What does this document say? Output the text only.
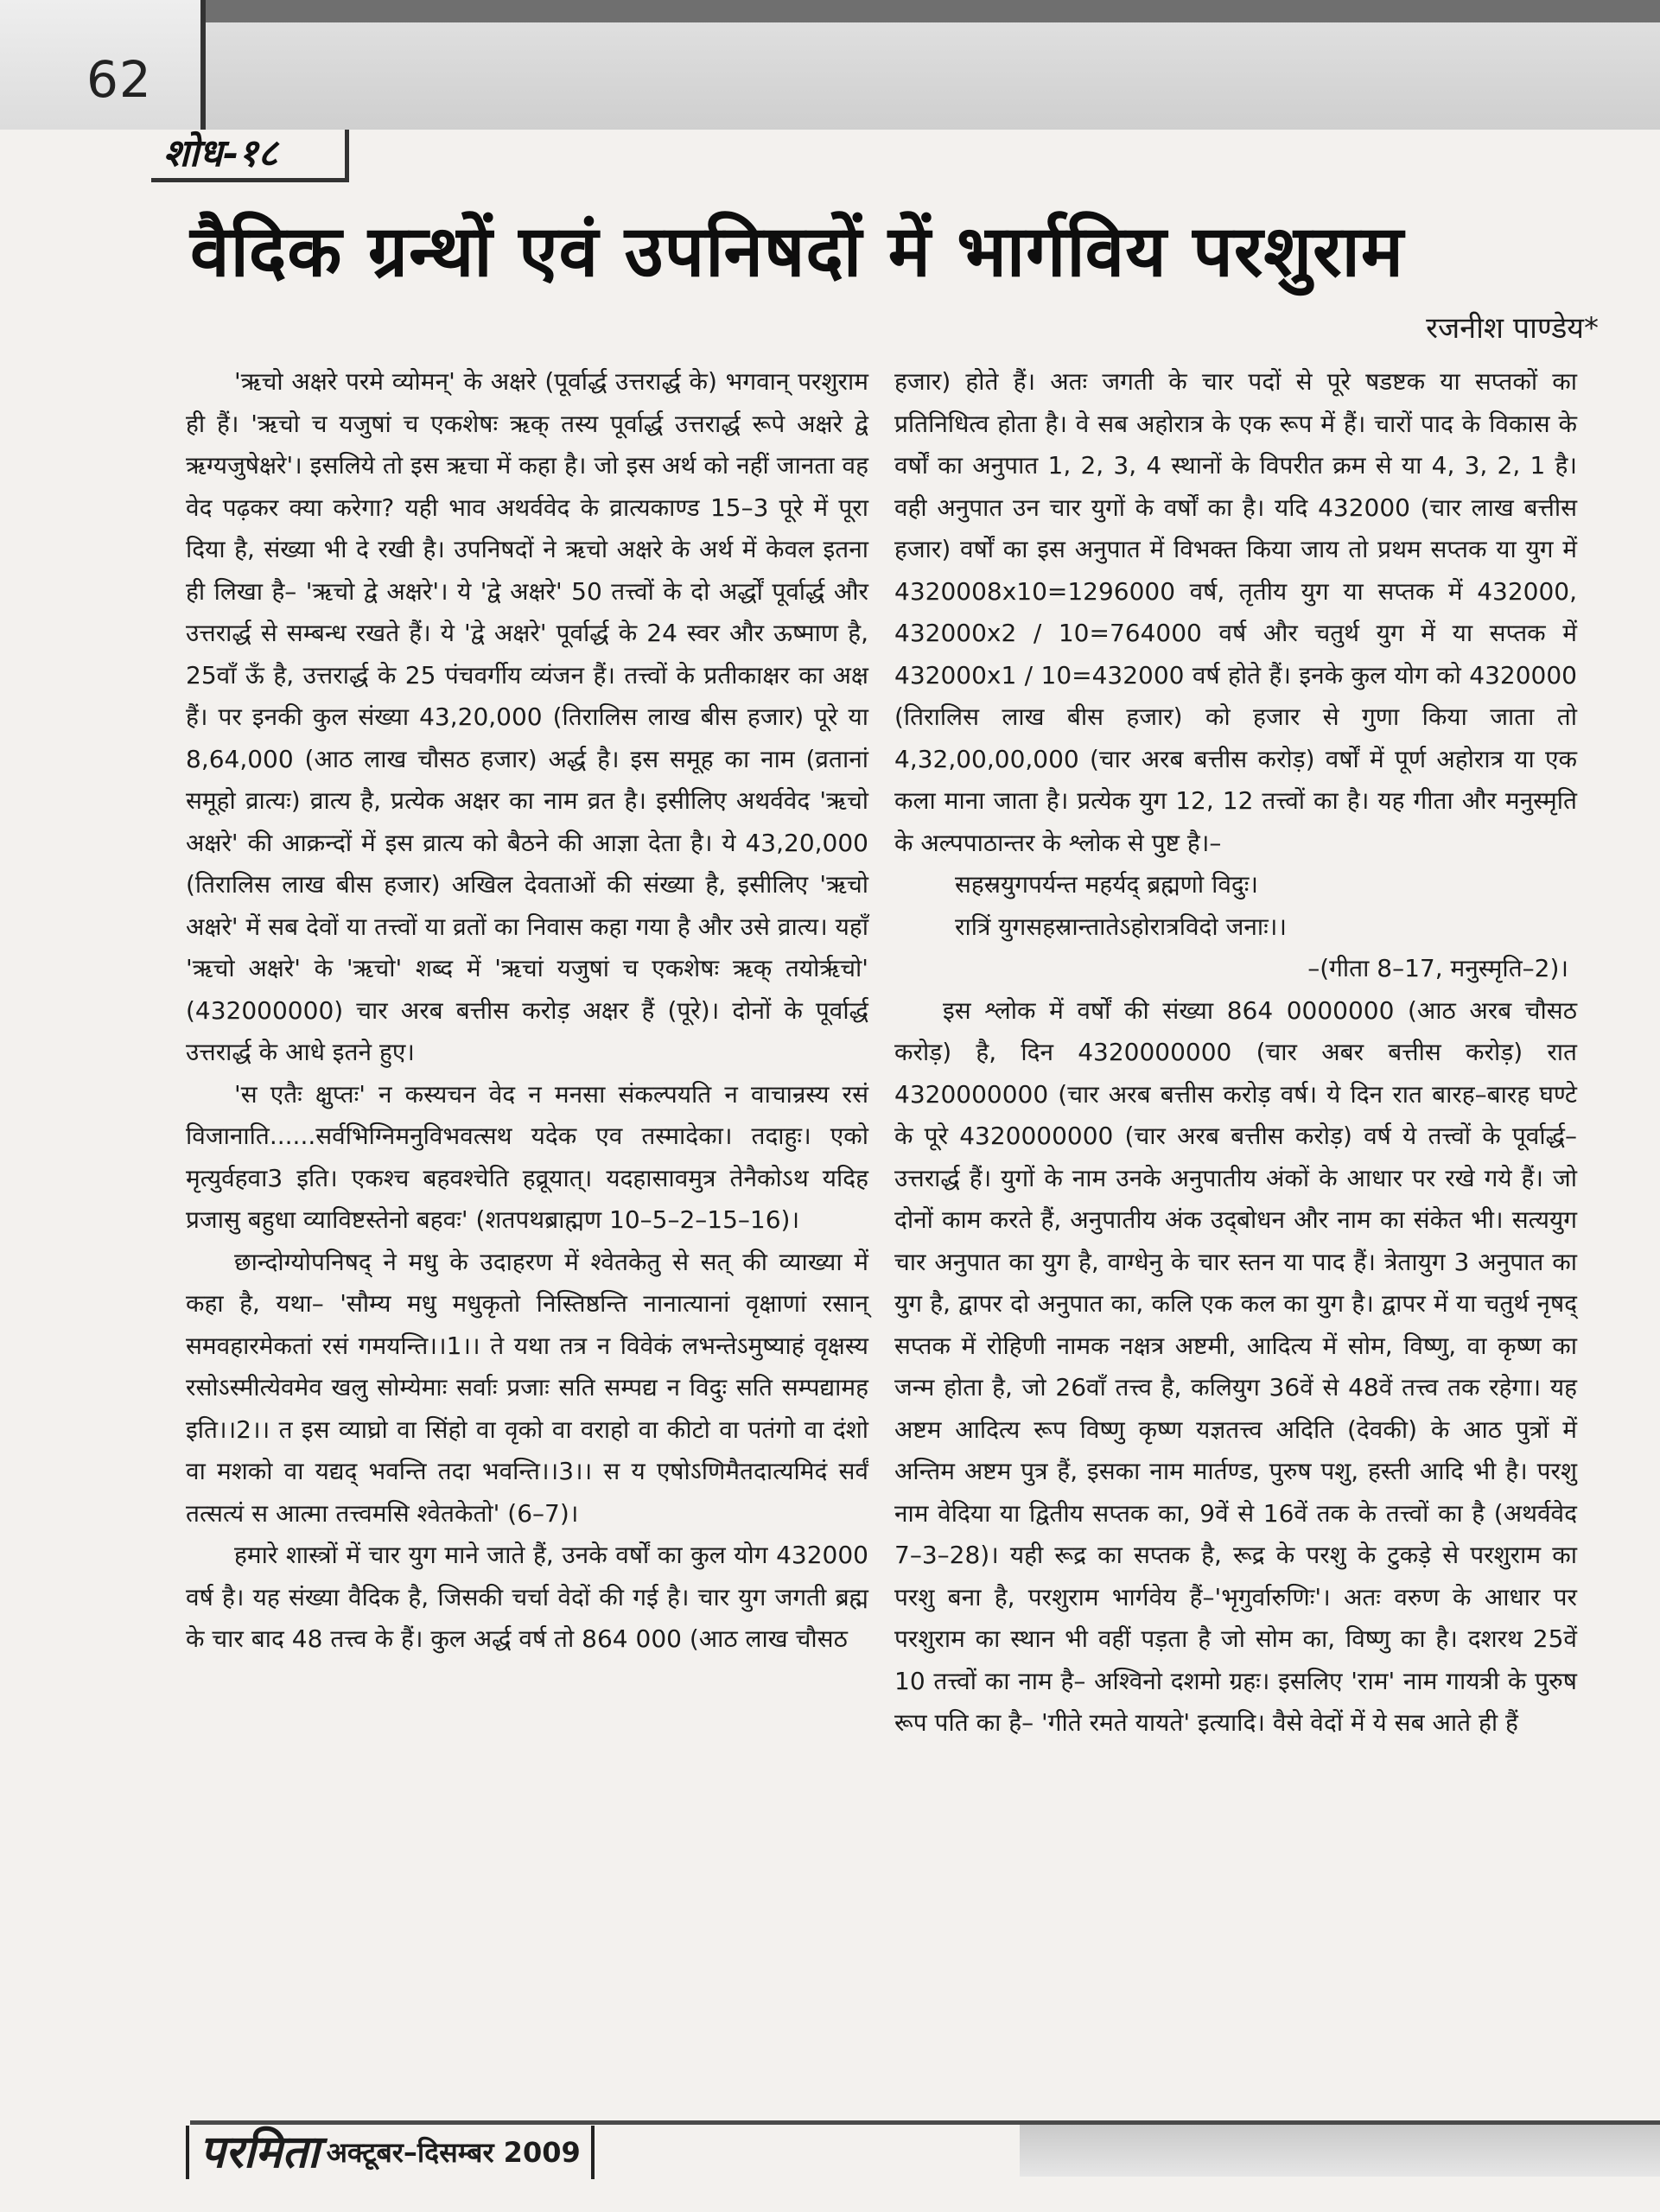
62
शोध-१८
वैदिक ग्रन्थों एवं उपनिषदों में भार्गविय परशुराम
रजनीश पाण्डेय*

'ऋचो अक्षरे परमे व्योमन्' के अक्षरे (पूर्वार्द्ध उत्तरार्द्ध के) भगवान् परशुराम ही हैं। 'ऋचो च यजुषां च एकशेषः ऋक् तस्य पूर्वार्द्ध उत्तरार्द्ध रूपे अक्षरे द्वे ऋग्यजुषेक्षरे'। इसलिये तो इस ऋचा में कहा है। जो इस अर्थ को नहीं जानता वह वेद पढ़कर क्या करेगा? यही भाव अथर्ववेद के व्रात्यकाण्ड 15–3 पूरे में पूरा दिया है, संख्या भी दे रखी है। उपनिषदों ने ऋचो अक्षरे के अर्थ में केवल इतना ही लिखा है– 'ऋचो द्वे अक्षरे'। ये 'द्वे अक्षरे' 50 तत्त्वों के दो अर्द्धों पूर्वार्द्ध और उत्तरार्द्ध से सम्बन्ध रखते हैं। ये 'द्वे अक्षरे' पूर्वार्द्ध के 24 स्वर और ऊष्माण है, 25वाँ ऊँ है, उत्तरार्द्ध के 25 पंचवर्गीय व्यंजन हैं। तत्त्वों के प्रतीकाक्षर का अक्ष हैं। पर इनकी कुल संख्या 43,20,000 (तिरालिस लाख बीस हजार) पूरे या 8,64,000 (आठ लाख चौसठ हजार) अर्द्ध है। इस समूह का नाम (व्रतानां समूहो व्रात्यः) व्रात्य है, प्रत्येक अक्षर का नाम व्रत है। इसीलिए अथर्ववेद 'ऋचो अक्षरे' की आक्रन्दों में इस व्रात्य को बैठने की आज्ञा देता है। ये 43,20,000 (तिरालिस लाख बीस हजार) अखिल देवताओं की संख्या है, इसीलिए 'ऋचो अक्षरे' में सब देवों या तत्त्वों या व्रतों का निवास कहा गया है और उसे व्रात्य। यहाँ 'ऋचो अक्षरे' के 'ऋचो' शब्द में 'ऋचां यजुषां च एकशेषः ऋक् तयोर्ऋचो' (432000000) चार अरब बत्तीस करोड़ अक्षर हैं (पूरे)। दोनों के पूर्वार्द्ध उत्तरार्द्ध के आधे इतने हुए।

'स एतैः क्षुप्तः' न कस्यचन वेद न मनसा संकल्पयति न वाचान्रस्य रसं विजानाति......सर्वभिग्निमनुविभवत्सथ यदेक एव तस्मादेका। तदाहुः। एको मृत्युर्वहवा3 इति। एकश्च बहवश्चेति हव्रूयात्। यदहासावमुत्र तेनैकोऽथ यदिह प्रजासु बहुधा व्याविष्टस्तेनो बहवः' (शतपथब्राह्मण 10–5–2–15–16)।

छान्दोग्योपनिषद् ने मधु के उदाहरण में श्वेतकेतु से सत् की व्याख्या में कहा है, यथा– 'सौम्य मधु मधुकृतो निस्तिष्ठन्ति नानात्यानां वृक्षाणां रसान् समवहारमेकतां रसं गमयन्ति।।1।। ते यथा तत्र न विवेकं लभन्तेऽमुष्याहं वृक्षस्य रसोऽस्मीत्येवमेव खलु सोम्येमाः सर्वाः प्रजाः सति सम्पद्य न विदुः सति सम्पद्यामह इति।।2।। त इस व्याघ्रो वा सिंहो वा वृको वा वराहो वा कीटो वा पतंगो वा दंशो वा मशको वा यद्यद् भवन्ति तदा भवन्ति।।3।। स य एषोऽणिमैतदात्यमिदं सर्वं तत्सत्यं स आत्मा तत्त्वमसि श्वेतकेतो' (6–7)।

हमारे शास्त्रों में चार युग माने जाते हैं, उनके वर्षों का कुल योग 432000 वर्ष है। यह संख्या वैदिक है, जिसकी चर्चा वेदों की गई है। चार युग जगती ब्रह्म के चार बाद 48 तत्त्व के हैं। कुल अर्द्ध वर्ष तो 864 000 (आठ लाख चौसठ

हजार) होते हैं। अतः जगती के चार पदों से पूरे षडष्टक या सप्तकों का प्रतिनिधित्व होता है। वे सब अहोरात्र के एक रूप में हैं। चारों पाद के विकास के वर्षों का अनुपात 1, 2, 3, 4 स्थानों के विपरीत क्रम से या 4, 3, 2, 1 है। वही अनुपात उन चार युगों के वर्षों का है। यदि 432000 (चार लाख बत्तीस हजार) वर्षों का इस अनुपात में विभक्त किया जाय तो प्रथम सप्तक या युग में 4320008x10=1296000 वर्ष, तृतीय युग या सप्तक में 432000, 432000x2 / 10=764000 वर्ष और चतुर्थ युग में या सप्तक में 432000x1 / 10=432000 वर्ष होते हैं। इनके कुल योग को 4320000 (तिरालिस लाख बीस हजार) को हजार से गुणा किया जाता तो 4,32,00,00,000 (चार अरब बत्तीस करोड़) वर्षों में पूर्ण अहोरात्र या एक कला माना जाता है। प्रत्येक युग 12, 12 तत्त्वों का है। यह गीता और मनुस्मृति के अल्पपाठान्तर के श्लोक से पुष्ट है।–

सहस्रयुगपर्यन्त महर्यद् ब्रह्मणो विदुः।

रात्रिं युगसहस्रान्तातेऽहोरात्रविदो जनाः।।

–(गीता 8–17, मनुस्मृति–2)।

इस श्लोक में वर्षों की संख्या 864 0000000 (आठ अरब चौसठ करोड़) है, दिन 4320000000 (चार अबर बत्तीस करोड़) रात 4320000000 (चार अरब बत्तीस करोड़ वर्ष। ये दिन रात बारह–बारह घण्टे के पूरे 4320000000 (चार अरब बत्तीस करोड़) वर्ष ये तत्त्वों के पूर्वार्द्ध–उत्तरार्द्ध हैं। युगों के नाम उनके अनुपातीय अंकों के आधार पर रखे गये हैं। जो दोनों काम करते हैं, अनुपातीय अंक उद्‌बोधन और नाम का संकेत भी। सत्ययुग चार अनुपात का युग है, वाग्धेनु के चार स्तन या पाद हैं। त्रेतायुग 3 अनुपात का युग है, द्वापर दो अनुपात का, कलि एक कल का युग है। द्वापर में या चतुर्थ नृषद् सप्तक में रोहिणी नामक नक्षत्र अष्टमी, आदित्य में सोम, विष्णु, वा कृष्ण का जन्म होता है, जो 26वाँ तत्त्व है, कलियुग 36वें से 48वें तत्त्व तक रहेगा। यह अष्टम आदित्य रूप विष्णु कृष्ण यज्ञतत्त्व अदिति (देवकी) के आठ पुत्रों में अन्तिम अष्टम पुत्र हैं, इसका नाम मार्तण्ड, पुरुष पशु, हस्ती आदि भी है। परशु नाम वेदिया या द्वितीय सप्तक का, 9वें से 16वें तक के तत्त्वों का है (अथर्ववेद 7–3–28)। यही रूद्र का सप्तक है, रूद्र के परशु के टुकड़े से परशुराम का परशु बना है, परशुराम भार्गवेय हैं–'भृगुर्वारुणिः'। अतः वरुण के आधार पर परशुराम का स्थान भी वहीं पड़ता है जो सोम का, विष्णु का है। दशरथ 25वें 10 तत्त्वों का नाम है– अश्विनो दशमो ग्रहः। इसलिए 'राम' नाम गायत्री के पुरुष रूप पति का है– 'गीते रमते यायते' इत्यादि। वैसे वेदों में ये सब आते ही हैं

परमिता अक्टूबर–दिसम्बर 2009
